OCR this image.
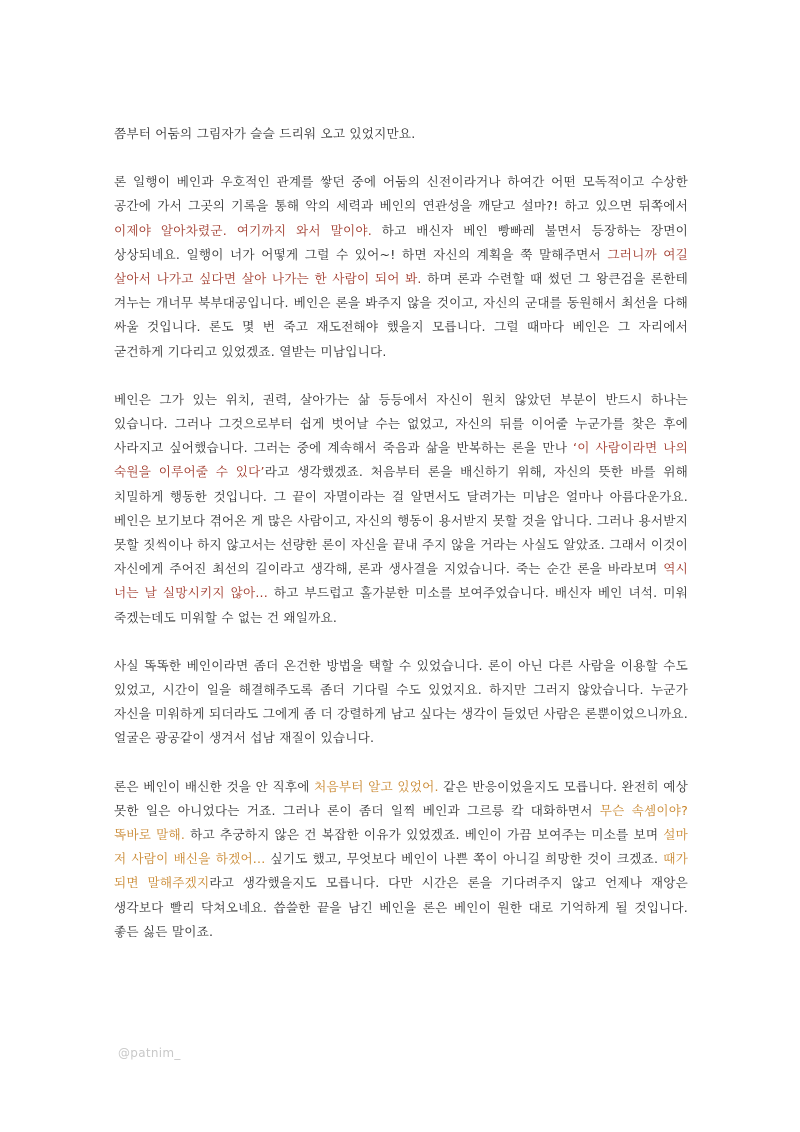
쯤부터 어둠의 그림자가 슬슬 드리워 오고 있었지만요.

론 일행이 베인과 우호적인 관계를 쌓던 중에 어둠의 신전이라거나 하여간 어떤 모독적이고 수상한 공간에 가서 그곳의 기록을 통해 악의 세력과 베인의 연관성을 깨닫고 설마?! 하고 있으면 뒤쪽에서 이제야 알아차렸군. 여기까지 와서 말이야. 하고 배신자 베인 빵빠레 불면서 등장하는 장면이 상상되네요. 일행이 너가 어떻게 그럴 수 있어~! 하면 자신의 계획을 쭉 말해주면서 그러니까 여길 살아서 나가고 싶다면 살아 나가는 한 사람이 되어 봐. 하며 론과 수련할 때 썼던 그 왕큰검을 론한테 겨누는 개너무 북부대공입니다. 베인은 론을 봐주지 않을 것이고, 자신의 군대를 동원해서 최선을 다해 싸울 것입니다. 론도 몇 번 죽고 재도전해야 했을지 모릅니다. 그럴 때마다 베인은 그 자리에서 굳건하게 기다리고 있었겠죠. 열받는 미남입니다.

베인은 그가 있는 위치, 권력, 살아가는 삶 등등에서 자신이 원치 않았던 부분이 반드시 하나는 있습니다. 그러나 그것으로부터 쉽게 벗어날 수는 없었고, 자신의 뒤를 이어줄 누군가를 찾은 후에 사라지고 싶어했습니다. 그러는 중에 계속해서 죽음과 삶을 반복하는 론을 만나 ‘이 사람이라면 나의 숙원을 이루어줄 수 있다’라고 생각했겠죠. 처음부터 론을 배신하기 위해, 자신의 뜻한 바를 위해 치밀하게 행동한 것입니다. 그 끝이 자멸이라는 걸 알면서도 달려가는 미남은 얼마나 아름다운가요. 베인은 보기보다 겪어온 게 많은 사람이고, 자신의 행동이 용서받지 못할 것을 압니다. 그러나 용서받지 못할 짓씩이나 하지 않고서는 선량한 론이 자신을 끝내 주지 않을 거라는 사실도 알았죠. 그래서 이것이 자신에게 주어진 최선의 길이라고 생각해, 론과 생사결을 지었습니다. 죽는 순간 론을 바라보며 역시 너는 날 실망시키지 않아... 하고 부드럽고 홀가분한 미소를 보여주었습니다. 배신자 베인 녀석. 미워 죽겠는데도 미워할 수 없는 건 왜일까요.

사실 똑똑한 베인이라면 좀더 온건한 방법을 택할 수 있었습니다. 론이 아닌 다른 사람을 이용할 수도 있었고, 시간이 일을 해결해주도록 좀더 기다릴 수도 있었지요. 하지만 그러지 않았습니다. 누군가 자신을 미워하게 되더라도 그에게 좀 더 강렬하게 남고 싶다는 생각이 들었던 사람은 론뿐이었으니까요. 얼굴은 광공같이 생겨서 섭남 재질이 있습니다.

론은 베인이 배신한 것을 안 직후에 처음부터 알고 있었어. 같은 반응이었을지도 모릅니다. 완전히 예상 못한 일은 아니었다는 거죠. 그러나 론이 좀더 일찍 베인과 그르릉 캌 대화하면서 무슨 속셈이야? 똑바로 말해. 하고 추궁하지 않은 건 복잡한 이유가 있었겠죠. 베인이 가끔 보여주는 미소를 보며 설마 저 사람이 배신을 하겠어... 싶기도 했고, 무엇보다 베인이 나쁜 쪽이 아니길 희망한 것이 크겠죠. 때가 되면 말해주겠지라고 생각했을지도 모릅니다. 다만 시간은 론을 기다려주지 않고 언제나 재앙은 생각보다 빨리 닥쳐오네요. 씁쓸한 끝을 남긴 베인을 론은 베인이 원한 대로 기억하게 될 것입니다. 좋든 싫든 말이죠.

@patnim_
